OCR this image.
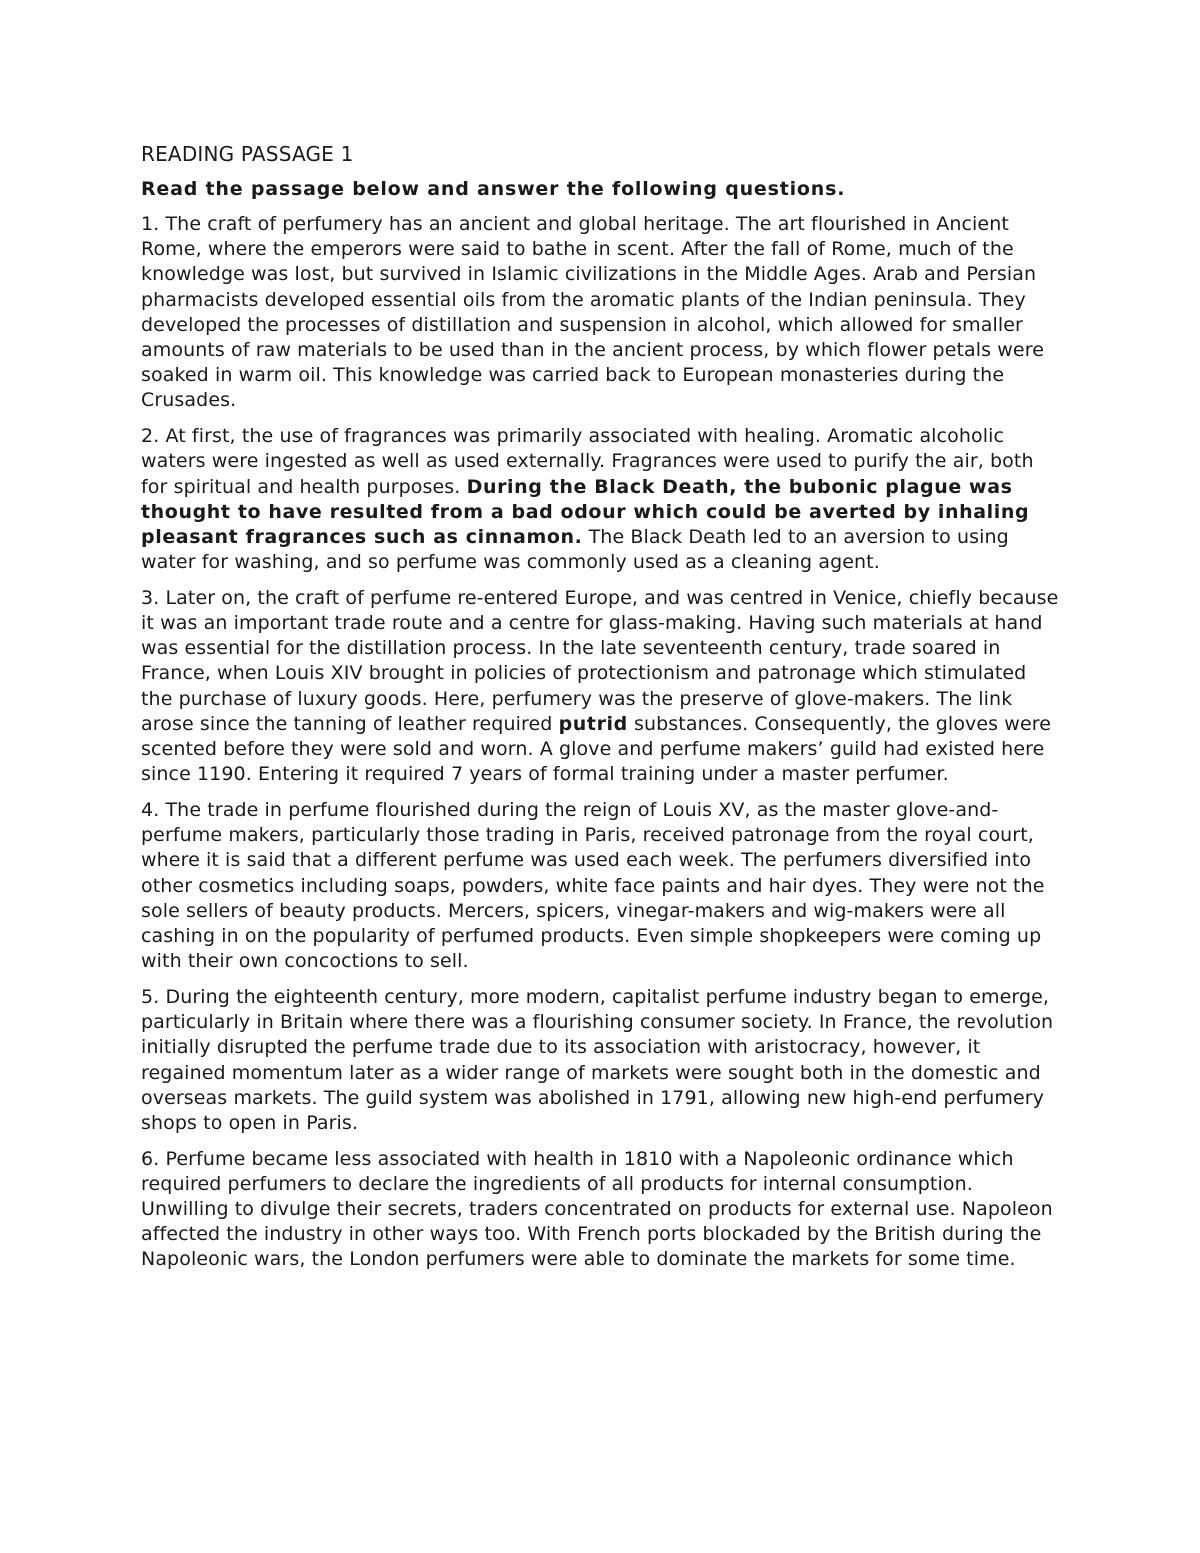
READING PASSAGE 1
Read the passage below and answer the following questions.

1. The craft of perfumery has an ancient and global heritage. The art flourished in Ancient Rome, where the emperors were said to bathe in scent. After the fall of Rome, much of the knowledge was lost, but survived in Islamic civilizations in the Middle Ages. Arab and Persian pharmacists developed essential oils from the aromatic plants of the Indian peninsula. They developed the processes of distillation and suspension in alcohol, which allowed for smaller amounts of raw materials to be used than in the ancient process, by which flower petals were soaked in warm oil. This knowledge was carried back to European monasteries during the Crusades.

2. At first, the use of fragrances was primarily associated with healing. Aromatic alcoholic waters were ingested as well as used externally. Fragrances were used to purify the air, both for spiritual and health purposes. During the Black Death, the bubonic plague was thought to have resulted from a bad odour which could be averted by inhaling pleasant fragrances such as cinnamon. The Black Death led to an aversion to using water for washing, and so perfume was commonly used as a cleaning agent.

3. Later on, the craft of perfume re-entered Europe, and was centred in Venice, chiefly because it was an important trade route and a centre for glass-making. Having such materials at hand was essential for the distillation process. In the late seventeenth century, trade soared in France, when Louis XIV brought in policies of protectionism and patronage which stimulated the purchase of luxury goods. Here, perfumery was the preserve of glove-makers. The link arose since the tanning of leather required putrid substances. Consequently, the gloves were scented before they were sold and worn. A glove and perfume makers’ guild had existed here since 1190. Entering it required 7 years of formal training under a master perfumer.

4. The trade in perfume flourished during the reign of Louis XV, as the master glove-and-perfume makers, particularly those trading in Paris, received patronage from the royal court, where it is said that a different perfume was used each week. The perfumers diversified into other cosmetics including soaps, powders, white face paints and hair dyes. They were not the sole sellers of beauty products. Mercers, spicers, vinegar-makers and wig-makers were all cashing in on the popularity of perfumed products. Even simple shopkeepers were coming up with their own concoctions to sell.

5. During the eighteenth century, more modern, capitalist perfume industry began to emerge, particularly in Britain where there was a flourishing consumer society. In France, the revolution initially disrupted the perfume trade due to its association with aristocracy, however, it regained momentum later as a wider range of markets were sought both in the domestic and overseas markets. The guild system was abolished in 1791, allowing new high-end perfumery shops to open in Paris.

6. Perfume became less associated with health in 1810 with a Napoleonic ordinance which required perfumers to declare the ingredients of all products for internal consumption. Unwilling to divulge their secrets, traders concentrated on products for external use. Napoleon affected the industry in other ways too. With French ports blockaded by the British during the Napoleonic wars, the London perfumers were able to dominate the markets for some time.
